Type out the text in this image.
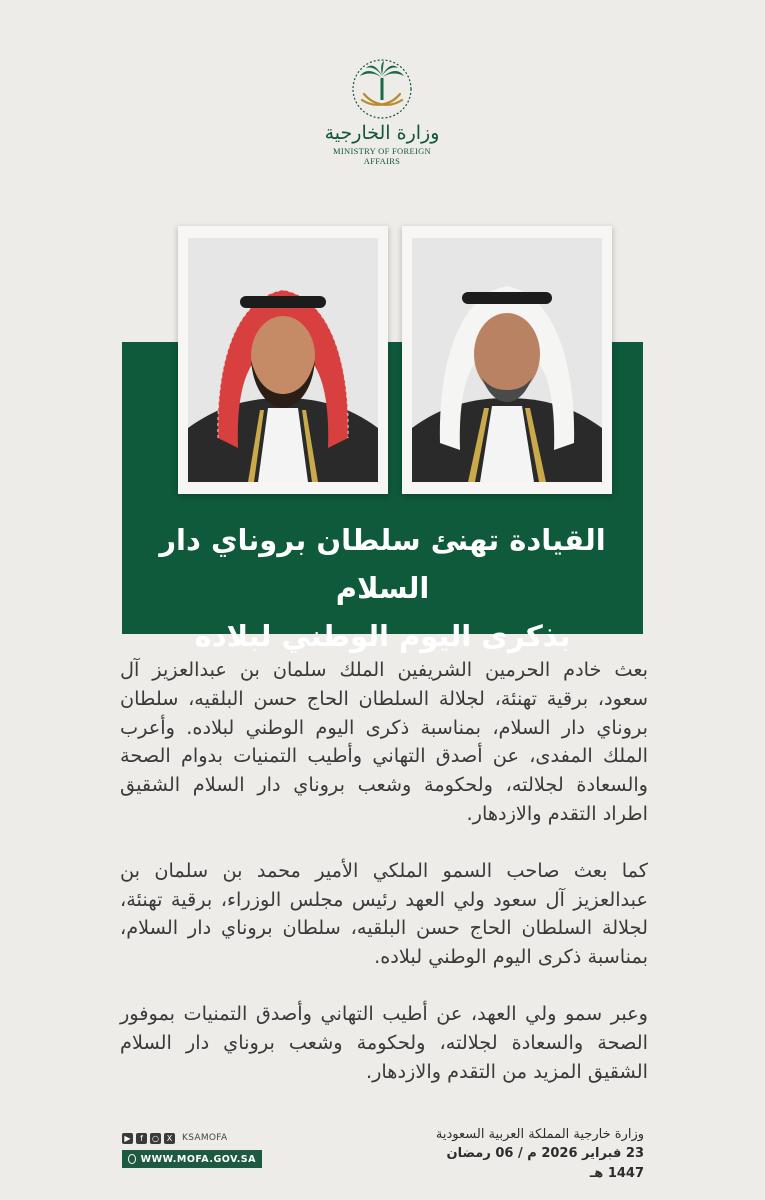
وزارة الخارجية
MINISTRY OF FOREIGN AFFAIRS
القيادة تهنئ سلطان بروناي دار السلام
بذكرى اليوم الوطني لبلاده

بعث خادم الحرمين الشريفين الملك سلمان بن عبدالعزيز آل سعود، برقية تهنئة، لجلالة السلطان الحاج حسن البلقيه، سلطان بروناي دار السلام، بمناسبة ذكرى اليوم الوطني لبلاده. وأعرب الملك المفدى، عن أصدق التهاني وأطيب التمنيات بدوام الصحة والسعادة لجلالته، ولحكومة وشعب بروناي دار السلام الشقيق اطراد التقدم والازدهار.

كما بعث صاحب السمو الملكي الأمير محمد بن سلمان بن عبدالعزيز آل سعود ولي العهد رئيس مجلس الوزراء، برقية تهنئة، لجلالة السلطان الحاج حسن البلقيه، سلطان بروناي دار السلام، بمناسبة ذكرى اليوم الوطني لبلاده.

وعبر سمو ولي العهد، عن أطيب التهاني وأصدق التمنيات بموفور الصحة والسعادة لجلالته، ولحكومة وشعب بروناي دار السلام الشقيق المزيد من التقدم والازدهار.

▶	f	○ X	KSAMOFA
WWW.MOFA.GOV.SA
وزارة خارجية المملكة العربية السعودية
23 فبراير 2026 م / 06 رمضان 1447 هـ
